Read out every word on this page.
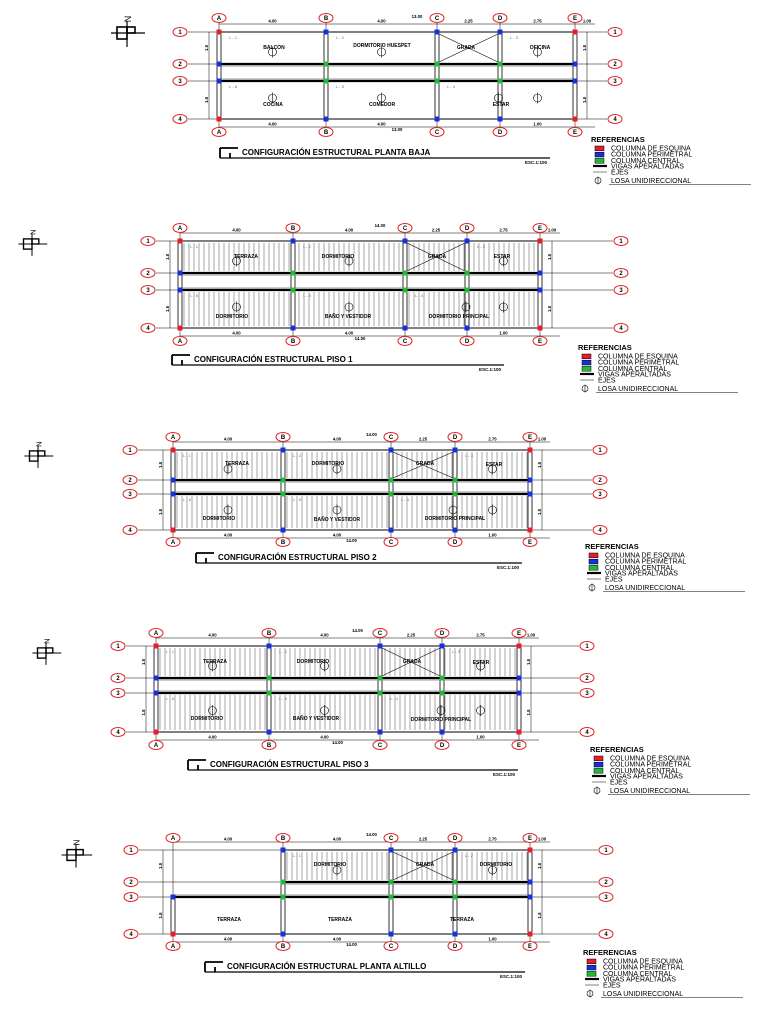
4.00	4.00	2.25	2.75	1.00
13.00
4.00	4.00	1.00
13.00
1.8
1.8
1.8
1.8
L - 1	L - 2	L - 3
L - 6	L - 5	L - 4
BALCON	DORMITORIO HUESPET	GRADA	OFICINA
COCINA	COMEDOR	ESTAR
A
A
B
B
C
C
D
D
E
E
1	1
2	2
3	3
4	4
4.00	4.00	2.25	2.75	1.00
14.00
4.00	4.00	1.00
14.00
1.8
1.8
1.8
1.8
L - 1	L - 2	L - 3
L - 6	L - 5	L - 4
TERRAZA	DORMITORIO	GRADA	ESTAR
DORMITORIO	BAÑO Y VESTIDOR	DORMITORIO PRINCIPAL
A
A
B
B
C
C
D
D
E
E
1	1
2	2
3	3
4	4
4.00	4.00	2.25	2.75	1.00
14.00
4.00	4.00	1.00
14.00
1.8
1.8
1.8
1.8
L - 1	L - 2	L - 3
L - 6	L - 5	L - 4
TERRAZA	DORMITORIO	GRADA	ESTAR
DORMITORIO	BAÑO Y VESTIDOR	DORMITORIO PRINCIPAL
A
A
B
B
C
C
D
D
E
E
1	1
2	2
3	3
4	4
4.00	4.00	2.25	2.75	1.00
14.00
4.00	4.00	1.00
14.00
1.8
1.8
1.8
1.8
L - 1	L - 2	L - 3
L - 6	L - 5	L - 4
TERRAZA	DORMITORIO	GRADA	ESTAR
DORMITORIO	BAÑO Y VESTIDOR	DORMITORIO PRINCIPAL
A
A
B
B
C
C
D
D
E
E
1	1
2	2
3	3
4	4
4.00	4.00	2.25	2.75	1.00
14.00
4.00	4.00	1.00
14.00
1.8
1.8
1.8
1.8
L - 1	L - 2
DORMITORIO	GRADA	DORMITORIO
TERRAZA	TERRAZA	TERRAZA
A
A
B
B
C
C
D
D
E
E
1	1
2	2
3	3
4	4
N
N
N
N
N
CONFIGURACIÓN ESTRUCTURAL PLANTA BAJA
ESC.1:100
CONFIGURACIÓN ESTRUCTURAL PISO 1
ESC.1:100
CONFIGURACIÓN ESTRUCTURAL PISO 2
ESC.1:100
CONFIGURACIÓN ESTRUCTURAL PISO 3
ESC.1:100
CONFIGURACIÓN ESTRUCTURAL PLANTA ALTILLO
ESC.1:100
REFERENCIAS
COLUMNA DE ESQUINA
COLUMNA PERIMETRAL
COLUMNA CENTRAL
VIGAS APERALTADAS
EJES
LOSA UNIDIRECCIONAL
REFERENCIAS
COLUMNA DE ESQUINA
COLUMNA PERIMETRAL
COLUMNA CENTRAL
VIGAS APERALTADAS
EJES
LOSA UNIDIRECCIONAL
REFERENCIAS
COLUMNA DE ESQUINA
COLUMNA PERIMETRAL
COLUMNA CENTRAL
VIGAS APERALTADAS
EJES
LOSA UNIDIRECCIONAL
REFERENCIAS
COLUMNA DE ESQUINA
COLUMNA PERIMETRAL
COLUMNA CENTRAL
VIGAS APERALTADAS
EJES
LOSA UNIDIRECCIONAL
REFERENCIAS
COLUMNA DE ESQUINA
COLUMNA PERIMETRAL
COLUMNA CENTRAL
VIGAS APERALTADAS
EJES
LOSA UNIDIRECCIONAL
